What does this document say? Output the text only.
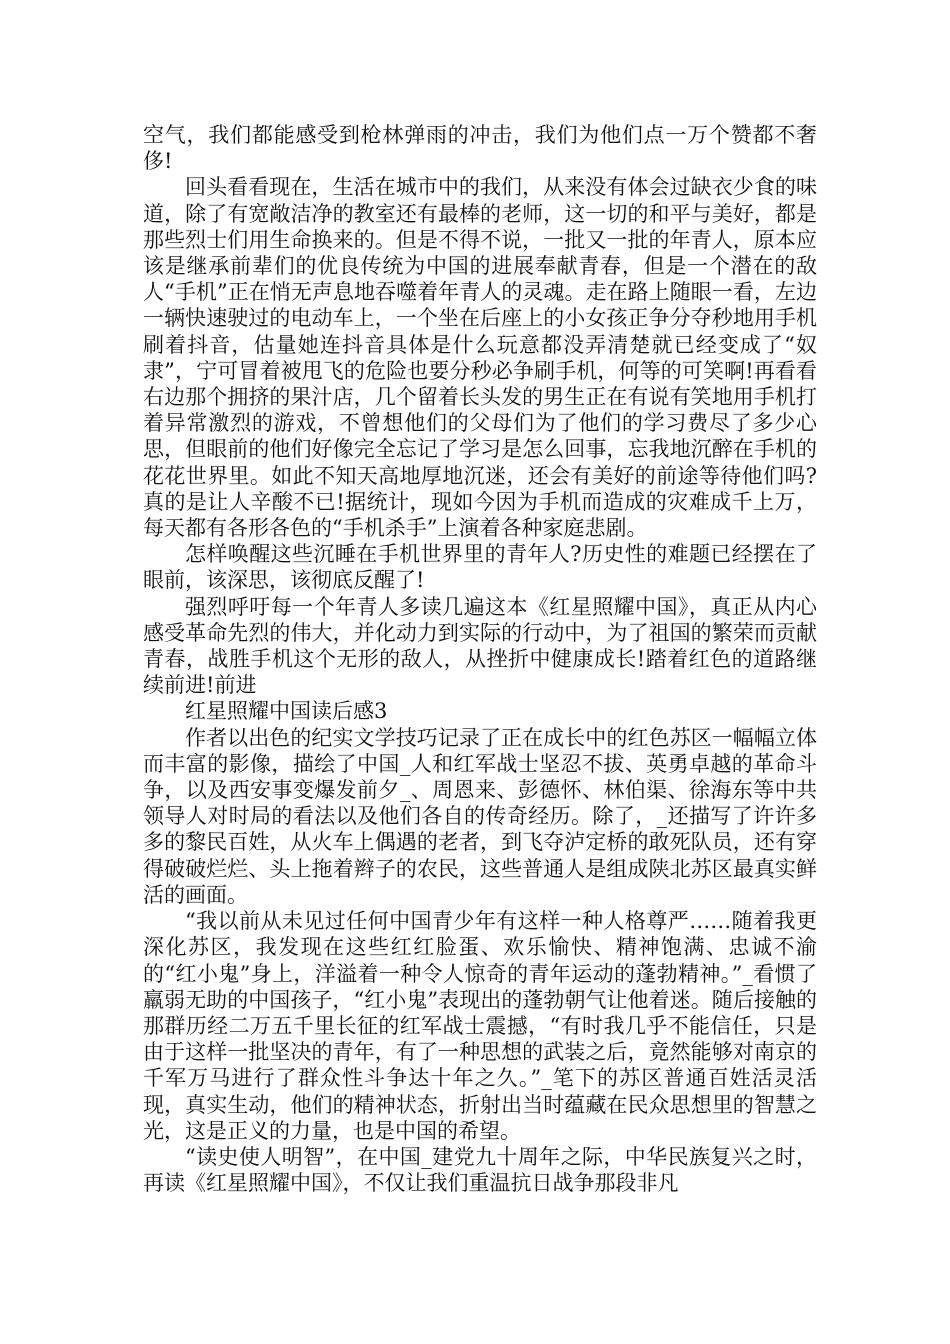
空气，我们都能感受到枪林弹雨的冲击，我们为他们点一万个赞都不奢侈!

回头看看现在，生活在城市中的我们，从来没有体会过缺衣少食的味道，除了有宽敞洁净的教室还有最棒的老师，这一切的和平与美好，都是那些烈士们用生命换来的。但是不得不说，一批又一批的年青人，原本应该是继承前辈们的优良传统为中国的进展奉献青春，但是一个潜在的敌人“手机”正在悄无声息地吞噬着年青人的灵魂。走在路上随眼一看，左边一辆快速驶过的电动车上，一个坐在后座上的小女孩正争分夺秒地用手机刷着抖音，估量她连抖音具体是什么玩意都没弄清楚就已经变成了“奴隶”，宁可冒着被甩飞的危险也要分秒必争刷手机，何等的可笑啊!再看看右边那个拥挤的果汁店，几个留着长头发的男生正在有说有笑地用手机打着异常激烈的游戏，不曾想他们的父母们为了他们的学习费尽了多少心思，但眼前的他们好像完全忘记了学习是怎么回事，忘我地沉醉在手机的花花世界里。如此不知天高地厚地沉迷，还会有美好的前途等待他们吗?真的是让人辛酸不已!据统计，现如今因为手机而造成的灾难成千上万，每天都有各形各色的“手机杀手”上演着各种家庭悲剧。

怎样唤醒这些沉睡在手机世界里的青年人?历史性的难题已经摆在了眼前，该深思，该彻底反醒了!

强烈呼吁每一个年青人多读几遍这本《红星照耀中国》，真正从内心感受革命先烈的伟大，并化动力到实际的行动中，为了祖国的繁荣而贡献青春，战胜手机这个无形的敌人，从挫折中健康成长!踏着红色的道路继续前进!前进

红星照耀中国读后感3

作者以出色的纪实文学技巧记录了正在成长中的红色苏区一幅幅立体而丰富的影像，描绘了中国_人和红军战士坚忍不拔、英勇卓越的革命斗争，以及西安事变爆发前夕_、周恩来、彭德怀、林伯渠、徐海东等中共领导人对时局的看法以及他们各自的传奇经历。除了，_还描写了许许多多的黎民百姓，从火车上偶遇的老者，到飞夺泸定桥的敢死队员，还有穿得破破烂烂、头上拖着辫子的农民，这些普通人是组成陕北苏区最真实鲜活的画面。

“我以前从未见过任何中国青少年有这样一种人格尊严……随着我更深化苏区，我发现在这些红红脸蛋、欢乐愉快、精神饱满、忠诚不渝的“红小鬼”身上，洋溢着一种令人惊奇的青年运动的蓬勃精神。”_看惯了羸弱无助的中国孩子，“红小鬼”表现出的蓬勃朝气让他着迷。随后接触的那群历经二万五千里长征的红军战士震撼，“有时我几乎不能信任，只是由于这样一批坚决的青年，有了一种思想的武装之后，竟然能够对南京的千军万马进行了群众性斗争达十年之久。”_笔下的苏区普通百姓活灵活现，真实生动，他们的精神状态，折射出当时蕴藏在民众思想里的智慧之光，这是正义的力量，也是中国的希望。

“读史使人明智”，在中国_建党九十周年之际，中华民族复兴之时，再读《红星照耀中国》，不仅让我们重温抗日战争那段非凡
